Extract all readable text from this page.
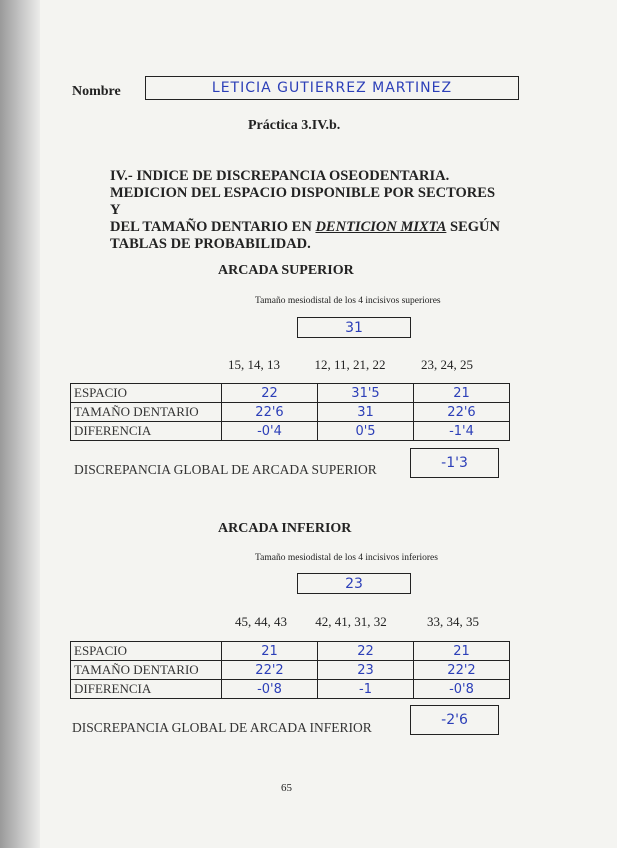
Nombre	LETICIA GUTIERREZ MARTINEZ
Práctica 3.IV.b.
IV.- INDICE DE DISCREPANCIA OSEODENTARIA.
MEDICION DEL ESPACIO DISPONIBLE POR SECTORES Y
DEL TAMAÑO DENTARIO EN DENTICION MIXTA SEGÚN
TABLAS DE PROBABILIDAD.
ARCADA SUPERIOR
Tamaño mesiodistal de los 4 incisivos superiores
31
15, 14, 13	12, 11, 21, 22	23, 24, 25
ESPACIO	22	31'5	21
TAMAÑO DENTARIO	22'6	31	22'6
DIFERENCIA	-0'4	0'5	-1'4
DISCREPANCIA GLOBAL DE ARCADA SUPERIOR	-1'3
ARCADA INFERIOR
Tamaño mesiodistal de los 4 incisivos inferiores
23
45, 44, 43	42, 41, 31, 32	33, 34, 35
ESPACIO	21	22	21
TAMAÑO DENTARIO	22'2	23	22'2
DIFERENCIA	-0'8	-1	-0'8
DISCREPANCIA GLOBAL DE ARCADA INFERIOR	-2'6
65
